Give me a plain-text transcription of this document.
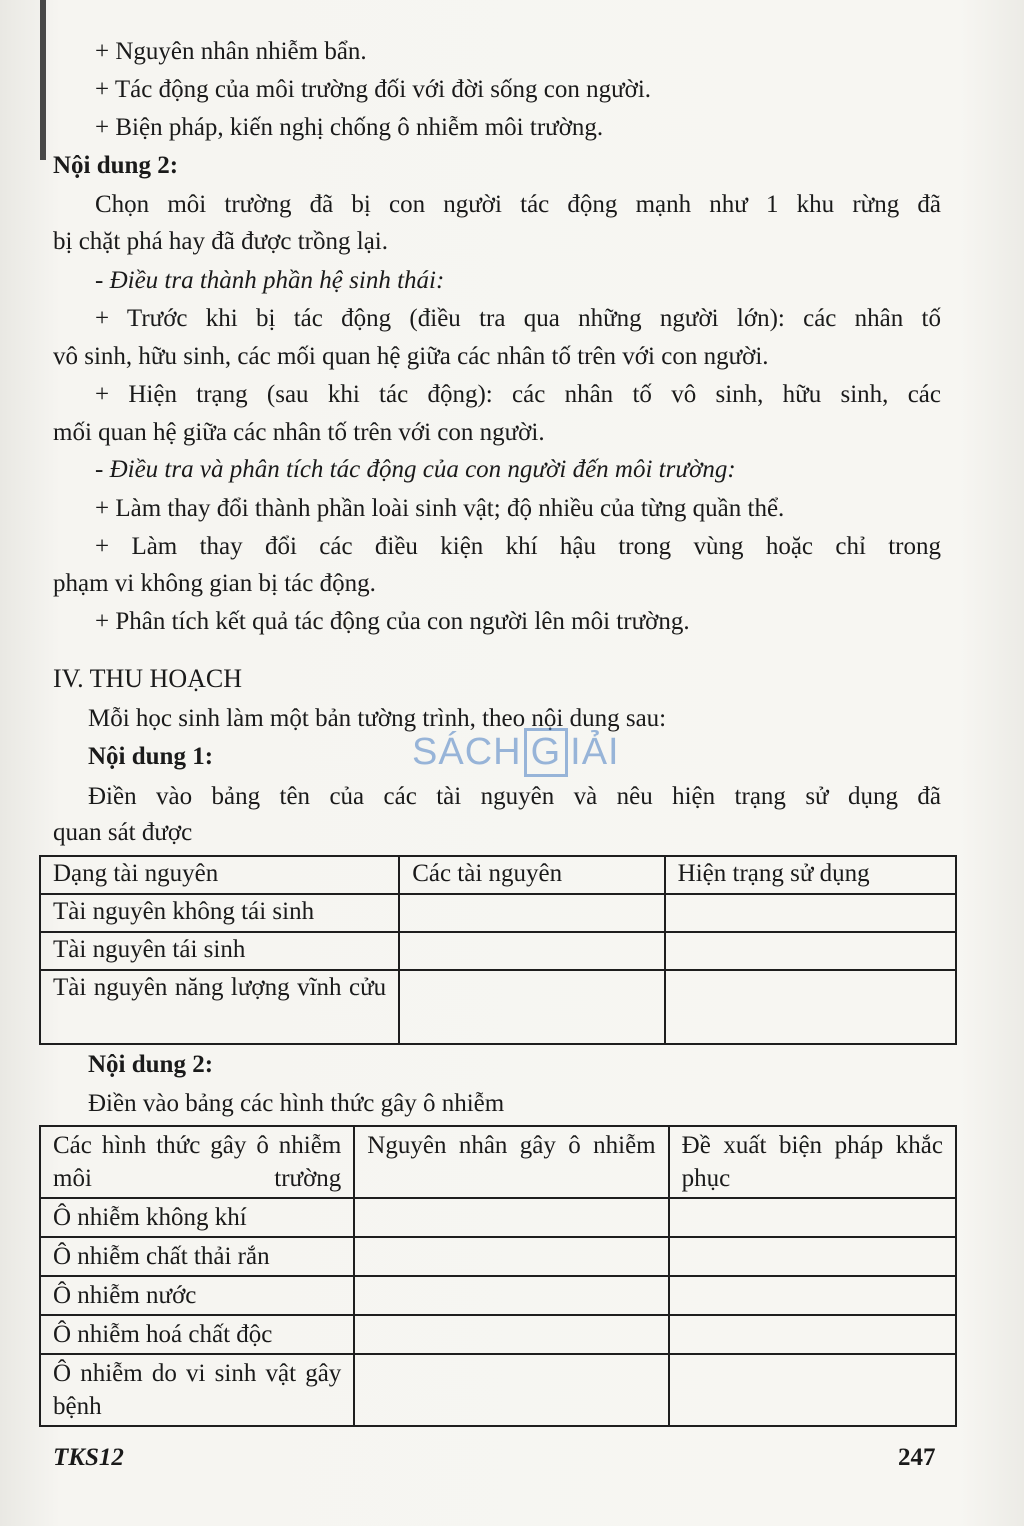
+ Nguyên nhân nhiễm bẩn.
+ Tác động của môi trường đối với đời sống con người.
+ Biện pháp, kiến nghị chống ô nhiễm môi trường.
Nội dung 2:
Chọn môi trường đã bị con người tác động mạnh như 1 khu rừng đã
bị chặt phá hay đã được trồng lại.
- Điều tra thành phần hệ sinh thái:
+ Trước khi bị tác động (điều tra qua những người lớn): các nhân tố
vô sinh, hữu sinh, các mối quan hệ giữa các nhân tố trên với con người.
+ Hiện trạng (sau khi tác động): các nhân tố vô sinh, hữu sinh, các
mối quan hệ giữa các nhân tố trên với con người.
- Điều tra và phân tích tác động của con người đến môi trường:
+ Làm thay đổi thành phần loài sinh vật; độ nhiều của từng quần thể.
+ Làm thay đổi các điều kiện khí hậu trong vùng hoặc chỉ trong
phạm vi không gian bị tác động.
+ Phân tích kết quả tác động của con người lên môi trường.
IV. THU HOẠCH
Mỗi học sinh làm một bản tường trình, theo nội dung sau:
Nội dung 1:
Điền vào bảng tên của các tài nguyên và nêu hiện trạng sử dụng đã
quan sát được
SÁCH G IẢI
Dạng tài nguyên	Các tài nguyên	Hiện trạng sử dụng
Tài nguyên không tái sinh		
Tài nguyên tái sinh		
Tài nguyên năng lượng vĩnh cửu		
Nội dung 2:
Điền vào bảng các hình thức gây ô nhiễm
Các hình thức gây ô nhiễm môi trường	Nguyên nhân gây ô nhiễm	Đề xuất biện pháp khắc phục
Ô nhiễm không khí		
Ô nhiễm chất thải rắn		
Ô nhiễm nước		
Ô nhiễm hoá chất độc		
Ô nhiễm do vi sinh vật gây bệnh		
TKS12	247
